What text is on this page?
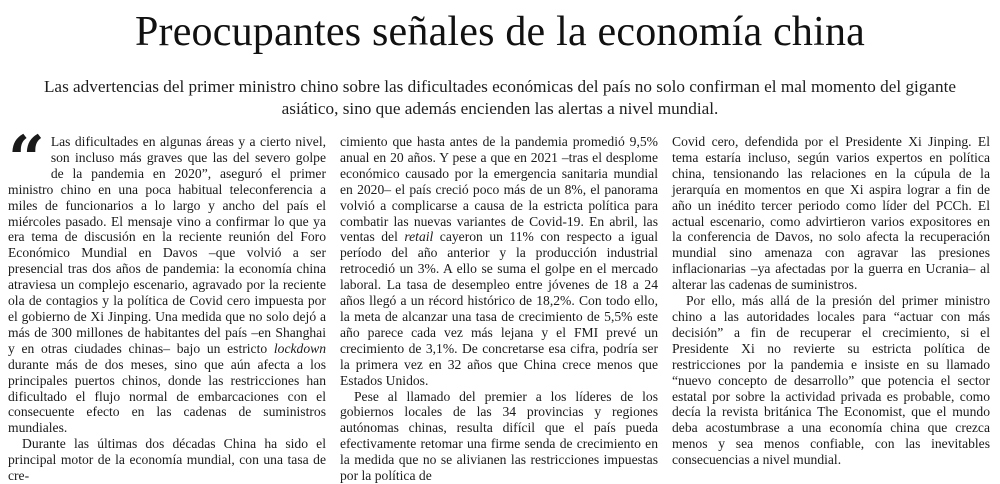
Preocupantes señales de la economía china
Las advertencias del primer ministro chino sobre las dificultades económicas del país no solo confirman el mal momento del gigante asiático, sino que además encienden las alertas a nivel mundial.

“ Las dificultades en algunas áreas y a cierto nivel, son incluso más graves que las del severo golpe de la pandemia en 2020”, aseguró el primer ministro chino en una poca habitual teleconferencia a miles de funcionarios a lo largo y ancho del país el miércoles pasado. El mensaje vino a confirmar lo que ya era tema de discusión en la reciente reunión del Foro Económico Mundial en Davos –que volvió a ser presencial tras dos años de pandemia: la economía china atraviesa un complejo escenario, agravado por la reciente ola de contagios y la política de Covid cero impuesta por el gobierno de Xi Jinping. Una medida que no solo dejó a más de 300 millones de habitantes del país –en Shanghai y en otras ciudades chinas– bajo un estricto lockdown durante más de dos meses, sino que aún afecta a los principales puertos chinos, donde las restricciones han dificultado el flujo normal de embarcaciones con el consecuente efecto en las cadenas de suministros mundiales.

Durante las últimas dos décadas China ha sido el principal motor de la economía mundial, con una tasa de cre-

cimiento que hasta antes de la pandemia promedió 9,5% anual en 20 años. Y pese a que en 2021 –tras el desplome económico causado por la emergencia sanitaria mundial en 2020– el país creció poco más de un 8%, el panorama volvió a complicarse a causa de la estricta política para combatir las nuevas variantes de Covid-19. En abril, las ventas del retail cayeron un 11% con respecto a igual período del año anterior y la producción industrial retrocedió un 3%. A ello se suma el golpe en el mercado laboral. La tasa de desempleo entre jóvenes de 18 a 24 años llegó a un récord histórico de 18,2%. Con todo ello, la meta de alcanzar una tasa de crecimiento de 5,5% este año parece cada vez más lejana y el FMI prevé un crecimiento de 3,1%. De concretarse esa cifra, podría ser la primera vez en 32 años que China crece menos que Estados Unidos.

Pese al llamado del premier a los líderes de los gobiernos locales de las 34 provincias y regiones autónomas chinas, resulta difícil que el país pueda efectivamente retomar una firme senda de crecimiento en la medida que no se alivianen las restricciones impuestas por la política de

Covid cero, defendida por el Presidente Xi Jinping. El tema estaría incluso, según varios expertos en política china, tensionando las relaciones en la cúpula de la jerarquía en momentos en que Xi aspira lograr a fin de año un inédito tercer periodo como líder del PCCh. El actual escenario, como advirtieron varios expositores en la conferencia de Davos, no solo afecta la recuperación mundial sino amenaza con agravar las presiones inflacionarias –ya afectadas por la guerra en Ucrania– al alterar las cadenas de suministros.

Por ello, más allá de la presión del primer ministro chino a las autoridades locales para “actuar con más decisión” a fin de recuperar el crecimiento, si el Presidente Xi no revierte su estricta política de restricciones por la pandemia e insiste en su llamado “nuevo concepto de desarrollo” que potencia el sector estatal por sobre la actividad privada es probable, como decía la revista británica The Economist, que el mundo deba acostumbrase a una economía china que crezca menos y sea menos confiable, con las inevitables consecuencias a nivel mundial.
